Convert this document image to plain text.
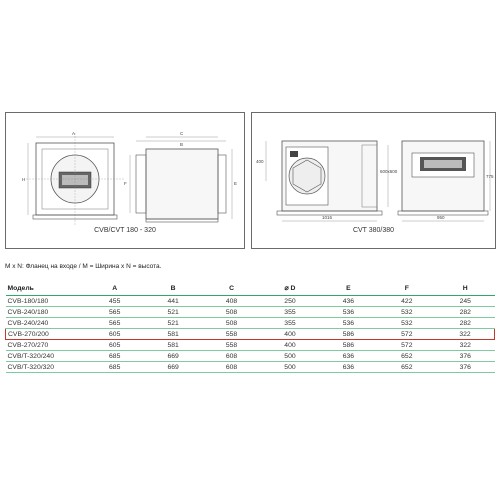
A
H
C
B
E
F
CVB/CVT 180 - 320
400
600x600
1016
775
950
CVT 380/380
M x N: Фланец на входе / M = Ширина x N = высота.
Модель	A	B	C	⌀ D	E	F	H
CVB-180/180	455	441	408	250	436	422	245
CVB-240/180	565	521	508	355	536	532	282
CVB-240/240	565	521	508	355	536	532	282
CVB-270/200	605	581	558	400	586	572	322
CVB-270/270	605	581	558	400	586	572	322
CVB/T-320/240	685	669	608	500	636	652	376
CVB/T-320/320	685	669	608	500	636	652	376
